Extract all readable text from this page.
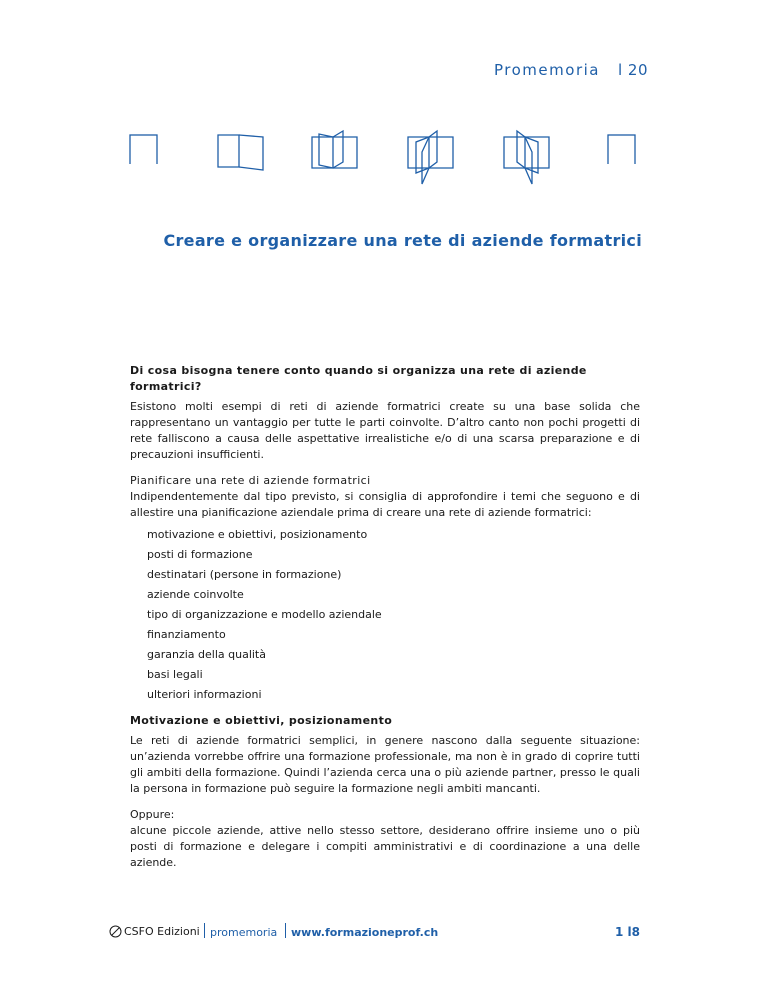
Promemoria l 20
Creare e organizzare una rete di aziende formatrici
Di cosa bisogna tenere conto quando si organizza una rete di aziende formatrici?

Esistono molti esempi di reti di aziende formatrici create su una base solida che rappresentano un vantaggio per tutte le parti coinvolte. D’altro canto non pochi progetti di rete falliscono a causa delle aspettative irrealistiche e/o di una scarsa preparazione e di precauzioni insufficienti.

Pianificare una rete di aziende formatrici

Indipendentemente dal tipo previsto, si consiglia di approfondire i temi che seguono e di allestire una pianificazione aziendale prima di creare una rete di aziende formatrici:

motivazione e obiettivi, posizionamento
posti di formazione
destinatari (persone in formazione)
aziende coinvolte
tipo di organizzazione e modello aziendale
finanziamento
garanzia della qualità
basi legali
ulteriori informazioni
Motivazione e obiettivi, posizionamento

Le reti di aziende formatrici semplici, in genere nascono dalla seguente situazione: un’azienda vorrebbe offrire una formazione professionale, ma non è in grado di coprire tutti gli ambiti della formazione. Quindi l’azienda cerca una o più aziende partner, presso le quali la persona in formazione può seguire la formazione negli ambiti mancanti.

Oppure:
alcune piccole aziende, attive nello stesso settore, desiderano offrire insieme uno o più posti di formazione e delegare i compiti amministrativi e di coordinazione a una delle aziende.

CSFO Edizioni promemoria www.formazioneprof.ch	1 l8
